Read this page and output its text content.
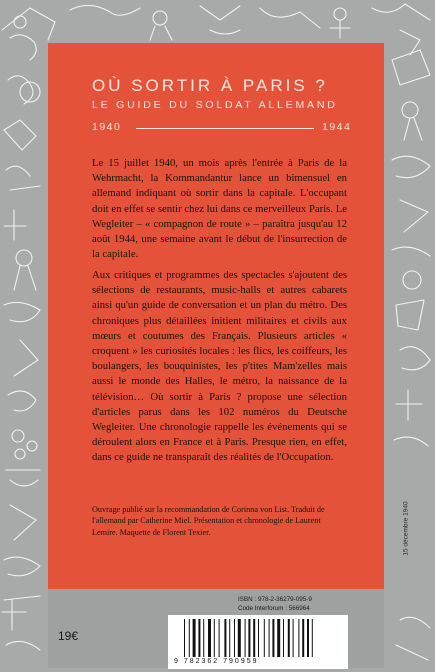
OÙ SORTIR À PARIS ?
LE GUIDE DU SOLDAT ALLEMAND
1940	1944
Le 15 juillet 1940, un mois après l'entrée à Paris de la Wehrmacht, la Kommandantur lance un bimensuel en allemand indiquant où sortir dans la capitale. L'occupant doit en effet se sentir chez lui dans ce merveilleux Paris. Le Wegleiter – « compagnon de route » – paraîtra jusqu'au 12 août 1944, une semaine avant le début de l'insurrection de la capitale.
Aux critiques et programmes des spectacles s'ajoutent des sélections de restaurants, music-halls et autres cabarets ainsi qu'un guide de conversation et un plan du métro. Des chroniques plus détaillées initient militaires et civils aux mœurs et coutumes des Français. Plusieurs articles « croquent » les curiosités locales : les flics, les coiffeurs, les boulangers, les bouquinistes, les p'tites Mam'zelles mais aussi le monde des Halles, le métro, la naissance de la télévision… Où sortir à Paris ? propose une sélection d'articles parus dans les 102 numéros du Deutsche Wegleiter. Une chronologie rappelle les événements qui se déroulent alors en France et à Paris. Presque rien, en effet, dans ce guide ne transparaît des réalités de l'Occupation.
Ouvrage publié sur la recommandation de Corinna von List. Traduit de l'allemand par Catherine Miel. Présentation et chronologie de Laurent Lemire. Maquette de Florent Texier.
19€
ISBN : 978-2-36279-095-9
Code Interforum : 566964
9 782362 790959
15 décembre 1940
